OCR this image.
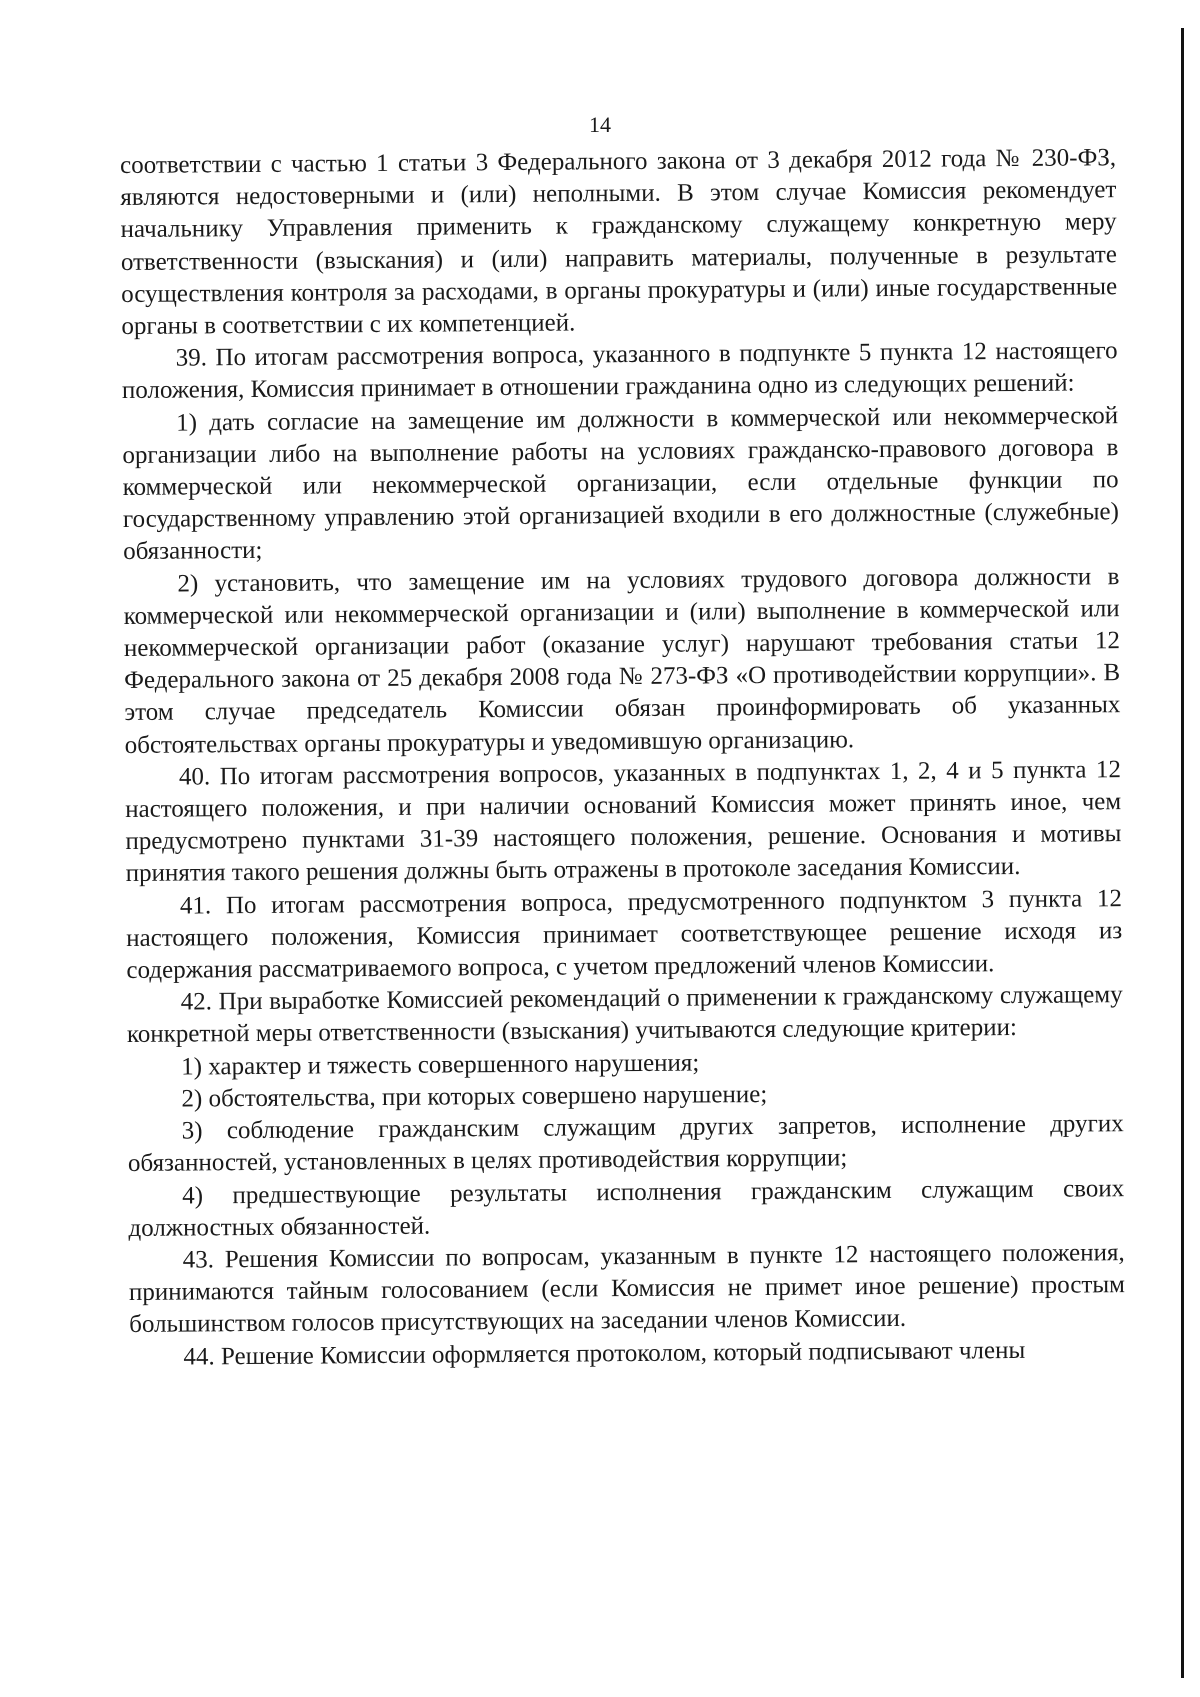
14

соответствии с частью 1 статьи 3 Федерального закона от 3 декабря 2012 года № 230-ФЗ, являются недостоверными и (или) неполными. В этом случае Комиссия рекомендует начальнику Управления применить к гражданскому служащему конкретную меру ответственности (взыскания) и (или) направить материалы, полученные в результате осуществления контроля за расходами, в органы прокуратуры и (или) иные государственные органы в соответствии с их компетенцией.

39. По итогам рассмотрения вопроса, указанного в подпункте 5 пункта 12 настоящего положения, Комиссия принимает в отношении гражданина одно из следующих решений:

1) дать согласие на замещение им должности в коммерческой или некоммерческой организации либо на выполнение работы на условиях гражданско-правового договора в коммерческой или некоммерческой организации, если отдельные функции по государственному управлению этой организацией входили в его должностные (служебные) обязанности;

2) установить, что замещение им на условиях трудового договора должности в коммерческой или некоммерческой организации и (или) выполнение в коммерческой или некоммерческой организации работ (оказание услуг) нарушают требования статьи 12 Федерального закона от 25 декабря 2008 года № 273-ФЗ «О противодействии коррупции». В этом случае председатель Комиссии обязан проинформировать об указанных обстоятельствах органы прокуратуры и уведомившую организацию.

40. По итогам рассмотрения вопросов, указанных в подпунктах 1, 2, 4 и 5 пункта 12 настоящего положения, и при наличии оснований Комиссия может принять иное, чем предусмотрено пунктами 31-39 настоящего положения, решение. Основания и мотивы принятия такого решения должны быть отражены в протоколе заседания Комиссии.

41. По итогам рассмотрения вопроса, предусмотренного подпунктом 3 пункта 12 настоящего положения, Комиссия принимает соответствующее решение исходя из содержания рассматриваемого вопроса, с учетом предложений членов Комиссии.

42. При выработке Комиссией рекомендаций о применении к гражданскому служащему конкретной меры ответственности (взыскания) учитываются следующие критерии:

1) характер и тяжесть совершенного нарушения;

2) обстоятельства, при которых совершено нарушение;

3) соблюдение гражданским служащим других запретов, исполнение других обязанностей, установленных в целях противодействия коррупции;

4) предшествующие результаты исполнения гражданским служащим своих должностных обязанностей.

43. Решения Комиссии по вопросам, указанным в пункте 12 настоящего положения, принимаются тайным голосованием (если Комиссия не примет иное решение) простым большинством голосов присутствующих на заседании членов Комиссии.

44. Решение Комиссии оформляется протоколом, который подписывают члены
